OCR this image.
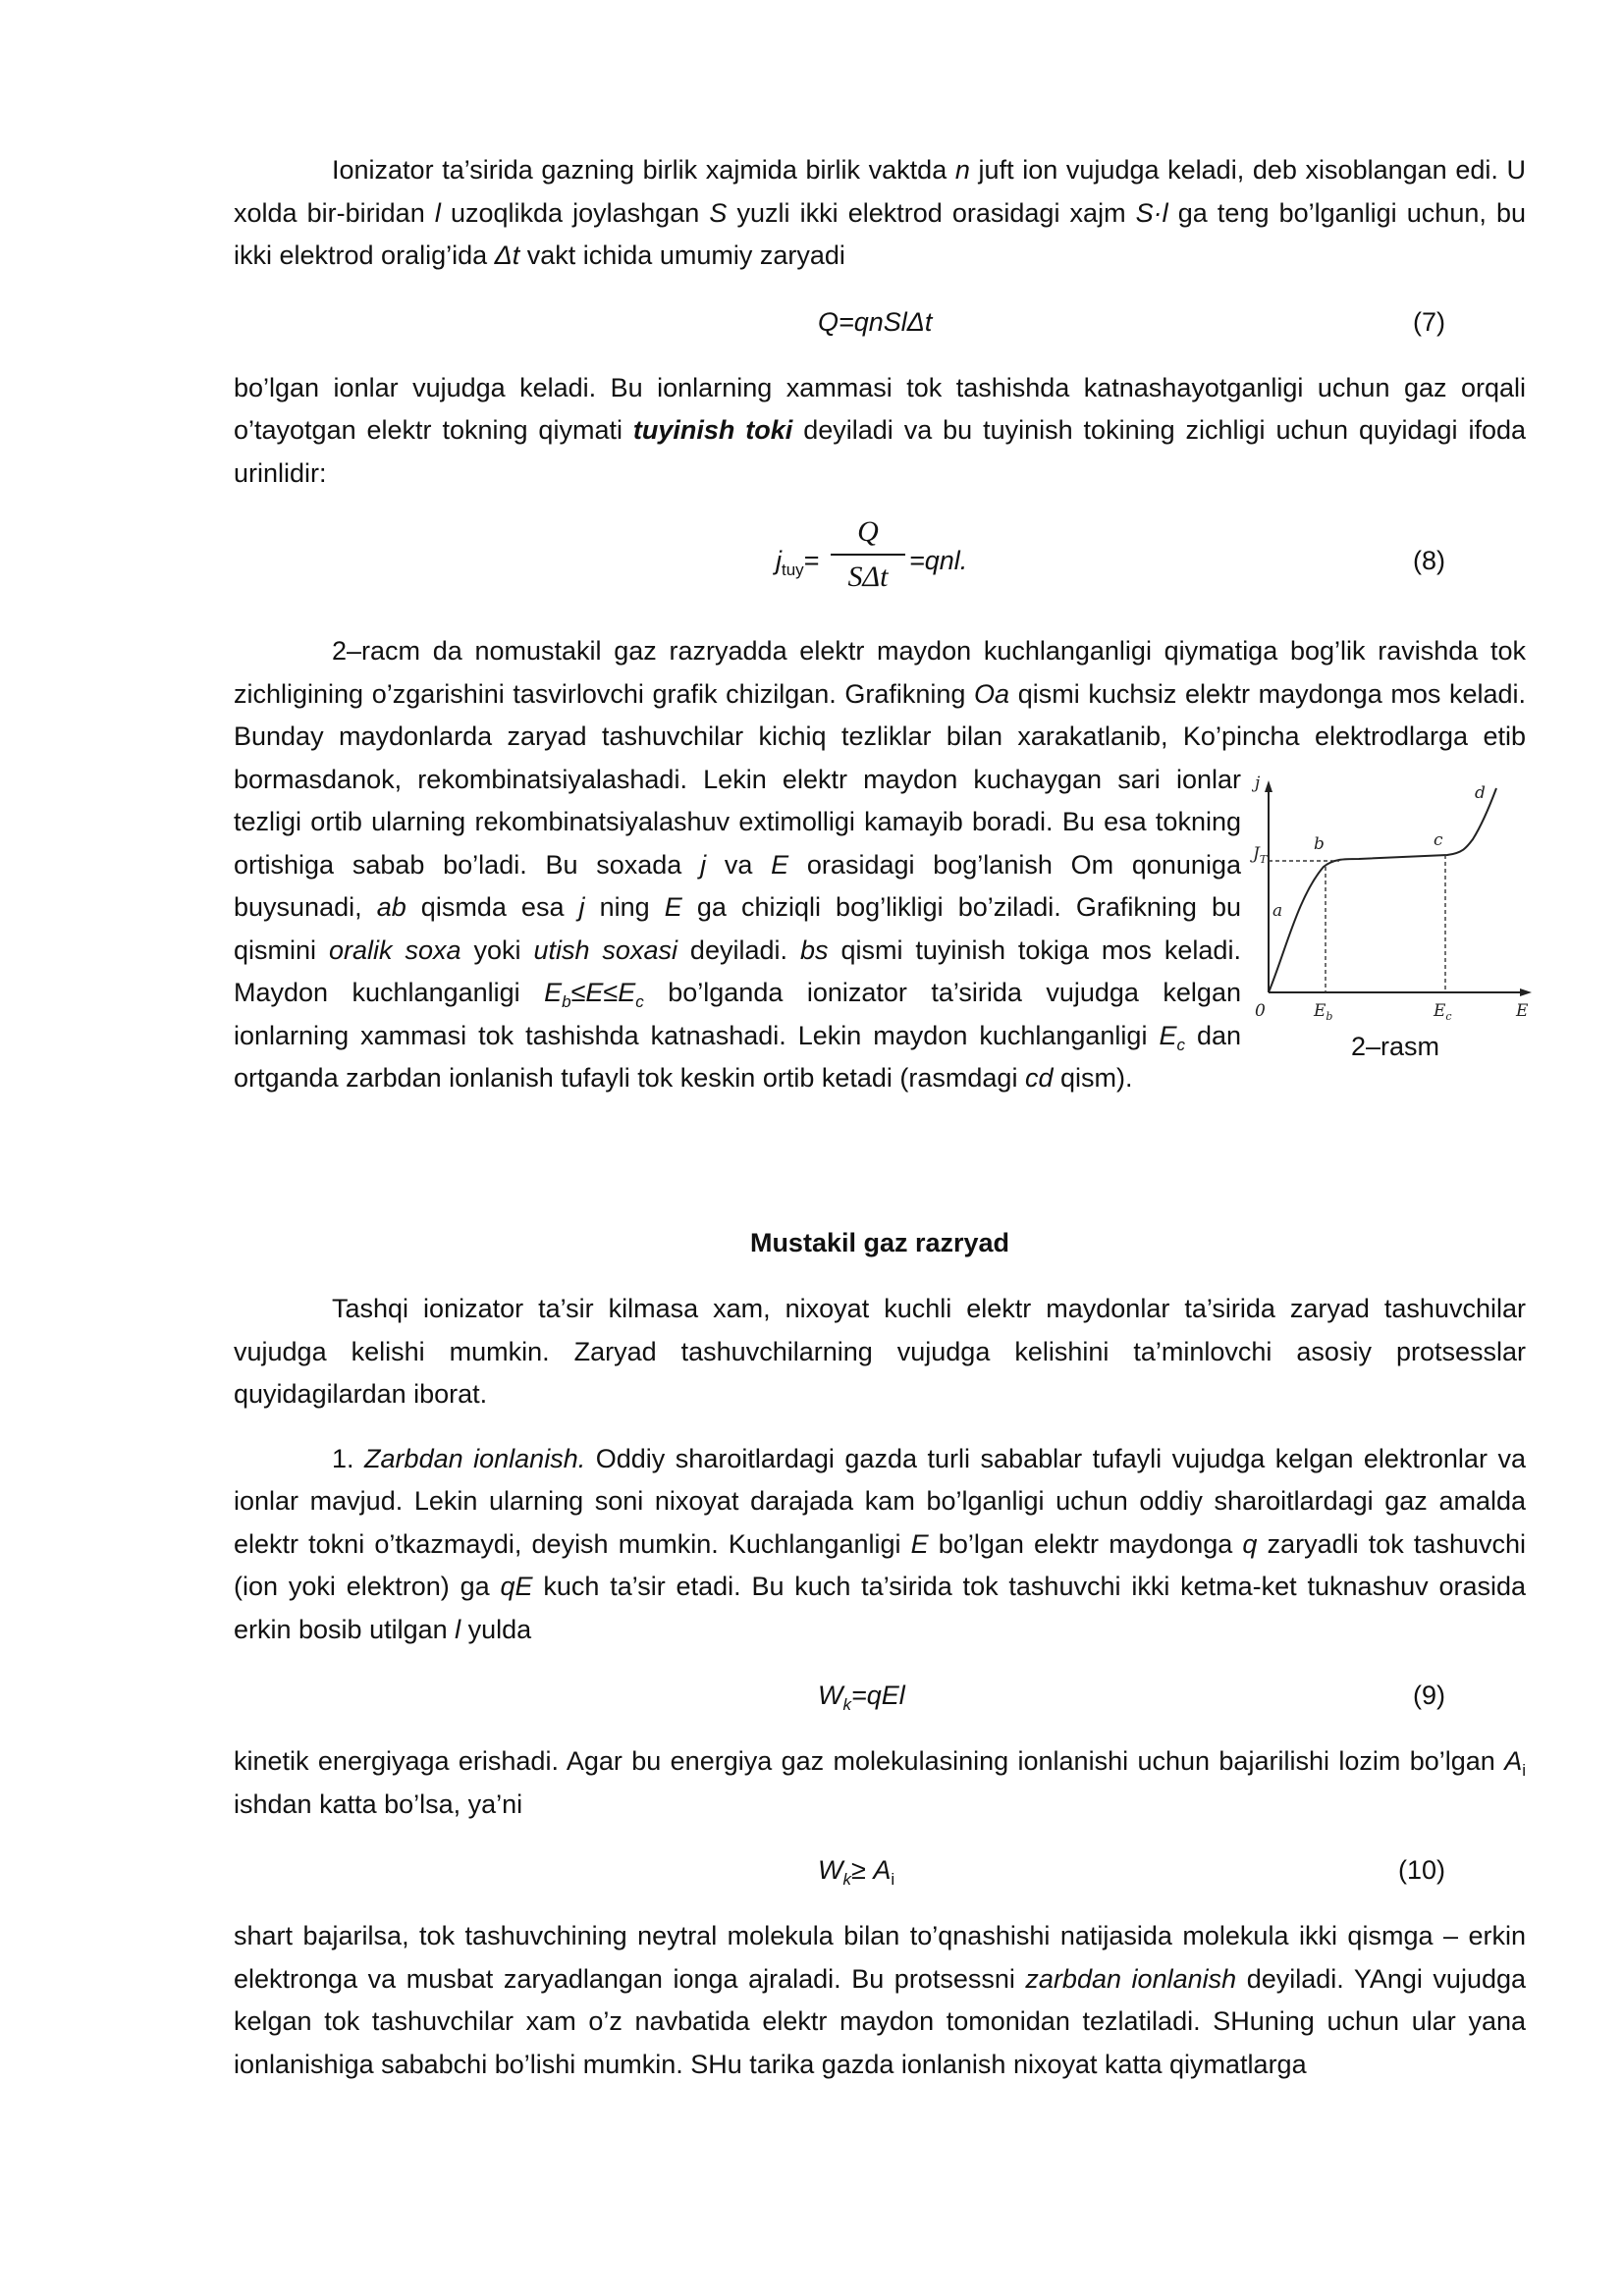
Ionizator ta’sirida gazning birlik xajmida birlik vaktda n juft ion vujudga keladi, deb xisoblangan edi. U xolda bir-biridan l uzoqlikda joylashgan S yuzli ikki elektrod orasidagi xajm S·l ga teng bo’lganligi uchun, bu ikki elektrod oralig’ida Δt vakt ichida umumiy zaryadi

Q=qnSlΔt	(7)

bo’lgan ionlar vujudga keladi. Bu ionlarning xammasi tok tashishda katnashayotganligi uchun gaz orqali o’tayotgan elektr tokning qiymati tuyinish toki deyiladi va bu tuyinish tokining zichligi uchun quyidagi ifoda urinlidir:

$j_{tuy}=$
Q
SΔt =qnl.	(8)

2–racm da nomustakil gaz razryadda elektr maydon kuchlanganligi qiymatiga bog’lik ravishda tok zichligining o’zgarishini tasvirlovchi grafik chizilgan. Grafikning Oa qismi kuchsiz elektr maydonga mos keladi. Bunday maydonlarda zaryad tashuvchilar kichiq tezliklar bilan xarakatlanib, Ko’pincha elektrodlarga etib bormasdanok, rekombinatsiyalashadi. Lekin elektr maydon kuchaygan sari ionlar tezligi ortib ularning rekombinatsiyalashuv extimolligi kamayib boradi. Bu esa tokning ortishiga sabab bo’ladi. Bu soxada j va E orasidagi bog’lanish Om qonuniga buysunadi, ab qismda esa j ning E ga chiziqli bog’likligi bo’ziladi. Grafikning bu qismini oralik soxa yoki utish soxasi deyiladi. bs qismi tuyinish tokiga mos keladi. Maydon kuchlanganligi $E_b\le E\le E_c$ bo’lganda ionizator ta’sirida vujudga kelgan ionlarning xammasi tok tashishda katnashadi. Lekin maydon kuchlanganligi $E_c$ dan ortganda zarbdan ionlanish tufayli tok keskin ortib ketadi (rasmdagi cd qism).

j
$J_T$
a
b	c
d
0	$E_b$	$E_c$	E
2–rasm
Mustakil gaz razryad

Tashqi ionizator ta’sir kilmasa xam, nixoyat kuchli elektr maydonlar ta’sirida zaryad tashuvchilar vujudga kelishi mumkin. Zaryad tashuvchilarning vujudga kelishini ta’minlovchi asosiy protsesslar quyidagilardan iborat.

1. Zarbdan ionlanish. Oddiy sharoitlardagi gazda turli sabablar tufayli vujudga kelgan elektronlar va ionlar mavjud. Lekin ularning soni nixoyat darajada kam bo’lganligi uchun oddiy sharoitlardagi gaz amalda elektr tokni o’tkazmaydi, deyish mumkin. Kuchlanganligi E bo’lgan elektr maydonga q zaryadli tok tashuvchi (ion yoki elektron) ga qE kuch ta’sir etadi. Bu kuch ta’sirida tok tashuvchi ikki ketma-ket tuknashuv orasida erkin bosib utilgan l yulda

$W_k=qEl$	(9)

kinetik energiyaga erishadi. Agar bu energiya gaz molekulasining ionlanishi uchun bajarilishi lozim bo’lgan $A_i$ ishdan katta bo’lsa, ya’ni

$W_k\ge A_i$	(10)

shart bajarilsa, tok tashuvchining neytral molekula bilan to’qnashishi natijasida molekula ikki qismga – erkin elektronga va musbat zaryadlangan ionga ajraladi. Bu protsessni zarbdan ionlanish deyiladi. YAngi vujudga kelgan tok tashuvchilar xam o’z navbatida elektr maydon tomonidan tezlatiladi. SHuning uchun ular yana ionlanishiga sababchi bo’lishi mumkin. SHu tarika gazda ionlanish nixoyat katta qiymatlarga
